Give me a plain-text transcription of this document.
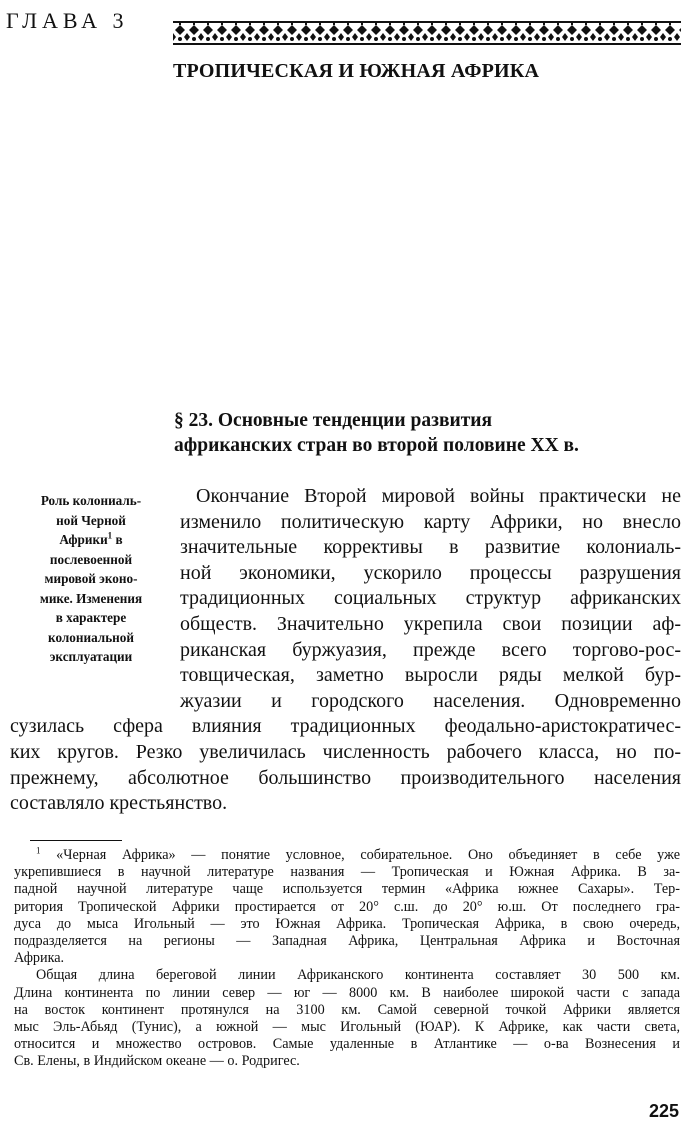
ГЛАВА 3
ТРОПИЧЕСКАЯ И ЮЖНАЯ АФРИКА
§ 23. Основные тенденции развития
африканских стран во второй половине XX в.
Роль колониаль-
ной Черной
Африки$^1$ в
послевоенной
мировой эконо-
мике. Изменения
в характере
колониальной
эксплуатации
Окончание Второй мировой войны практически не
изменило политическую карту Африки, но внесло
значительные коррективы в развитие колониаль-
ной экономики, ускорило процессы разрушения
традиционных социальных структур африканских
обществ. Значительно укрепила свои позиции аф-
риканская буржуазия, прежде всего торгово-рос-
товщическая, заметно выросли ряды мелкой бур-
жуазии и городского населения. Одновременно
сузилась сфера влияния традиционных феодально-аристократичес-
ких кругов. Резко увеличилась численность рабочего класса, но по-
прежнему, абсолютное большинство производительного населения
составляло крестьянство.
$^1$ «Черная Африка» — понятие условное, собирательное. Оно объединяет в себе уже
укрепившиеся в научной литературе названия — Тропическая и Южная Африка. В за-
падной научной литературе чаще используется термин «Африка южнее Сахары». Тер-
ритория Тропической Африки простирается от 20° с.ш. до 20° ю.ш. От последнего гра-
дуса до мыса Игольный — это Южная Африка. Тропическая Африка, в свою очередь,
подразделяется на регионы — Западная Африка, Центральная Африка и Восточная
Африка.
Общая длина береговой линии Африканского континента составляет 30 500 км.
Длина континента по линии север — юг — 8000 км. В наиболее широкой части с запада
на восток континент протянулся на 3100 км. Самой северной точкой Африки является
мыс Эль-Абьяд (Тунис), а южной — мыс Игольный (ЮАР). К Африке, как части света,
относится и множество островов. Самые удаленные в Атлантике — о-ва Вознесения и
Св. Елены, в Индийском океане — о. Родригес.
225
